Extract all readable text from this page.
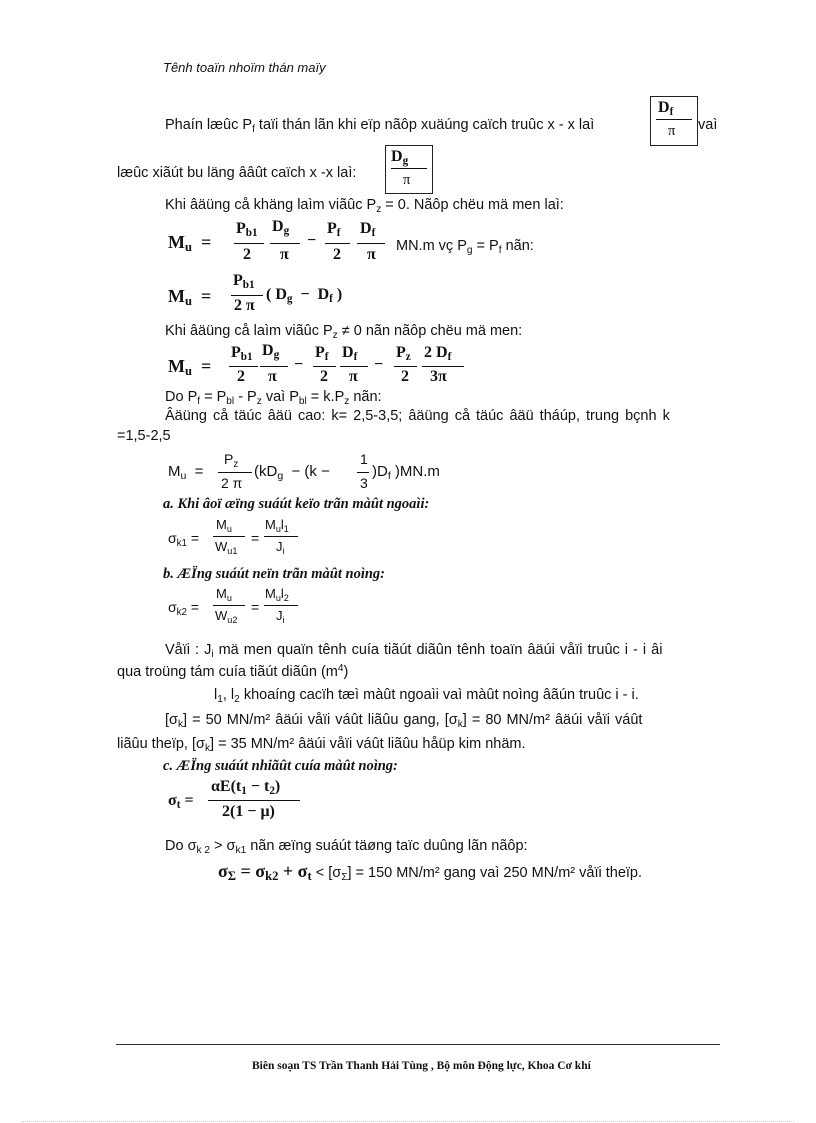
Tênh toaïn nhoïm thán maïy
Phaín læûc $P_f$ taïi thán lãn khi eïp nãôp xuäúng caïch truûc x - x laì
$D_f$
π vaì
læûc xiãút bu läng ââût caïch x -x laì:
$D_g$
π
Khi âäüng cå khäng laìm viãûc $P_z = 0$. Nãôp chëu mä men laì:
$M_u$  =
$P_{b1}$
2
$D_g$
π
−
$P_f$
2
$D_f$
π MN.m vç $P_g = P_f$ nãn:
$M_u$  =
$P_{b1}$
2 π
( $D_g - D_f$ )
Khi âäüng cå laìm viãûc $P_z \ne 0$ nãn nãôp chëu mä men:
$M_u$  =
$P_{b1}$
2
$D_g$
π
−
$P_f$
2
$D_f$
π
−
$P_z$
2
2 $D_f$
3π
Do $P_f = P_{bl} - P_z$ vaì $P_{bl} = k.P_z$ nãn:
Âäüng cå täúc âäü cao: k= 2,5-3,5; âäüng cå täúc âäü tháúp, trung bçnh k
=1,5-2,5
$M_u$  =
$P_z$
2 π
($kD_g - (k$ −
1
3
)$D_f$ )MN.m
a. Khi âoï æïng suáút keïo trãn màût ngoaìi:
$\sigma_{k1}$ =
$M_u$
$W_{u1}$
=
$M_ul_1$
$J_i$
b. ÆÏng suáút neïn trãn màût noìng:
$\sigma_{k2}$ =
$M_u$
$W_{u2}$
=
$M_ul_2$
$J_i$
Våïi : $J_i$ mä men quaïn tênh cuía tiãút diãûn tênh toaïn âäúi våïi truûc i - i âi
qua troüng tám cuía tiãút diãûn $(m^4)$
$l_1$, $l_2$ khoaíng cacïh tæì màût ngoaìi vaì màût noìng âãún truûc i - i.
$[\sigma_k] = 50$ MN/m² âäúi våïi váût liãûu gang, $[\sigma_k] = 80$ MN/m² âäúi våïi váût
liãûu theïp, $[\sigma_k] = 35$ MN/m² âäúi våïi váût liãûu håüp kim nhäm.
c. ÆÏng suáút nhiãût cuía màût noìng:
$\sigma_t$ =
$\alpha E(t_1 - t_2)$
2(1 − μ)
Do $\sigma_{k 2} > \sigma_{k1}$ nãn æïng suáút täøng taïc duûng lãn nãôp:
$\sigma_\Sigma = \sigma_{k2} + \sigma_t < [\sigma_\Sigma] = 150$ MN/m² gang vaì 250 MN/m² våïi theïp.
Biên soạn TS Trần Thanh Hải Tùng , Bộ môn Động lực, Khoa Cơ khí
